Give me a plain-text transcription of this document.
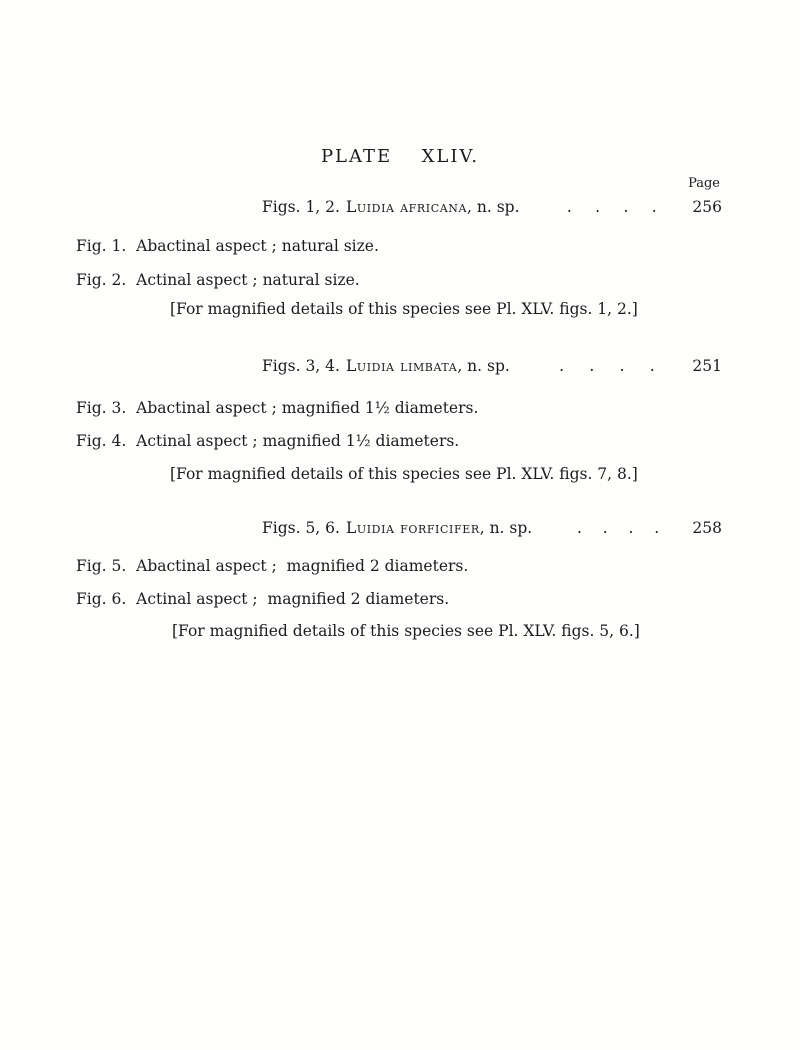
PLATE  XLIV.
Page
Figs. 1, 2. Luidia africana, n. sp.	. . . . 256
Fig. 1.  Abactinal aspect ; natural size.
Fig. 2.  Actinal aspect ; natural size.
[For magnified details of this species see Pl. XLV. figs. 1, 2.]
Figs. 3, 4. Luidia limbata, n. sp.	. . . . 251
Fig. 3.  Abactinal aspect ; magnified 1½ diameters.
Fig. 4.  Actinal aspect ; magnified 1½ diameters.
[For magnified details of this species see Pl. XLV. figs. 7, 8.]
Figs. 5, 6. Luidia forficifer, n. sp.	. . . . 258
Fig. 5.  Abactinal aspect ;  magnified 2 diameters.
Fig. 6.  Actinal aspect ;  magnified 2 diameters.
[For magnified details of this species see Pl. XLV. figs. 5, 6.]
